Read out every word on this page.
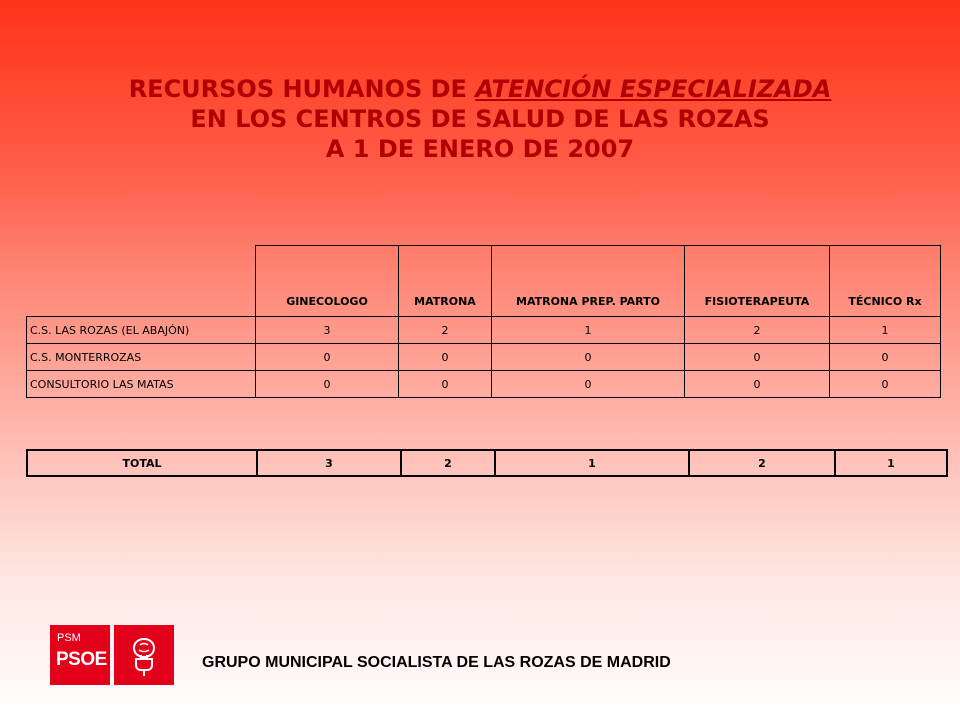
RECURSOS HUMANOS DE ATENCIÓN ESPECIALIZADA
EN LOS CENTROS DE SALUD DE LAS ROZAS
A 1 DE ENERO DE 2007
	GINECOLOGO	MATRONA	MATRONA PREP. PARTO	FISIOTERAPEUTA	TÉCNICO Rx
C.S. LAS ROZAS (EL ABAJÓN)	3	2	1	2	1
C.S. MONTERROZAS	0	0	0	0	0
CONSULTORIO LAS MATAS	0	0	0	0	0
TOTAL	3	2	1	2	1
PSM
PSOE	GRUPO MUNICIPAL SOCIALISTA DE LAS ROZAS DE MADRID
